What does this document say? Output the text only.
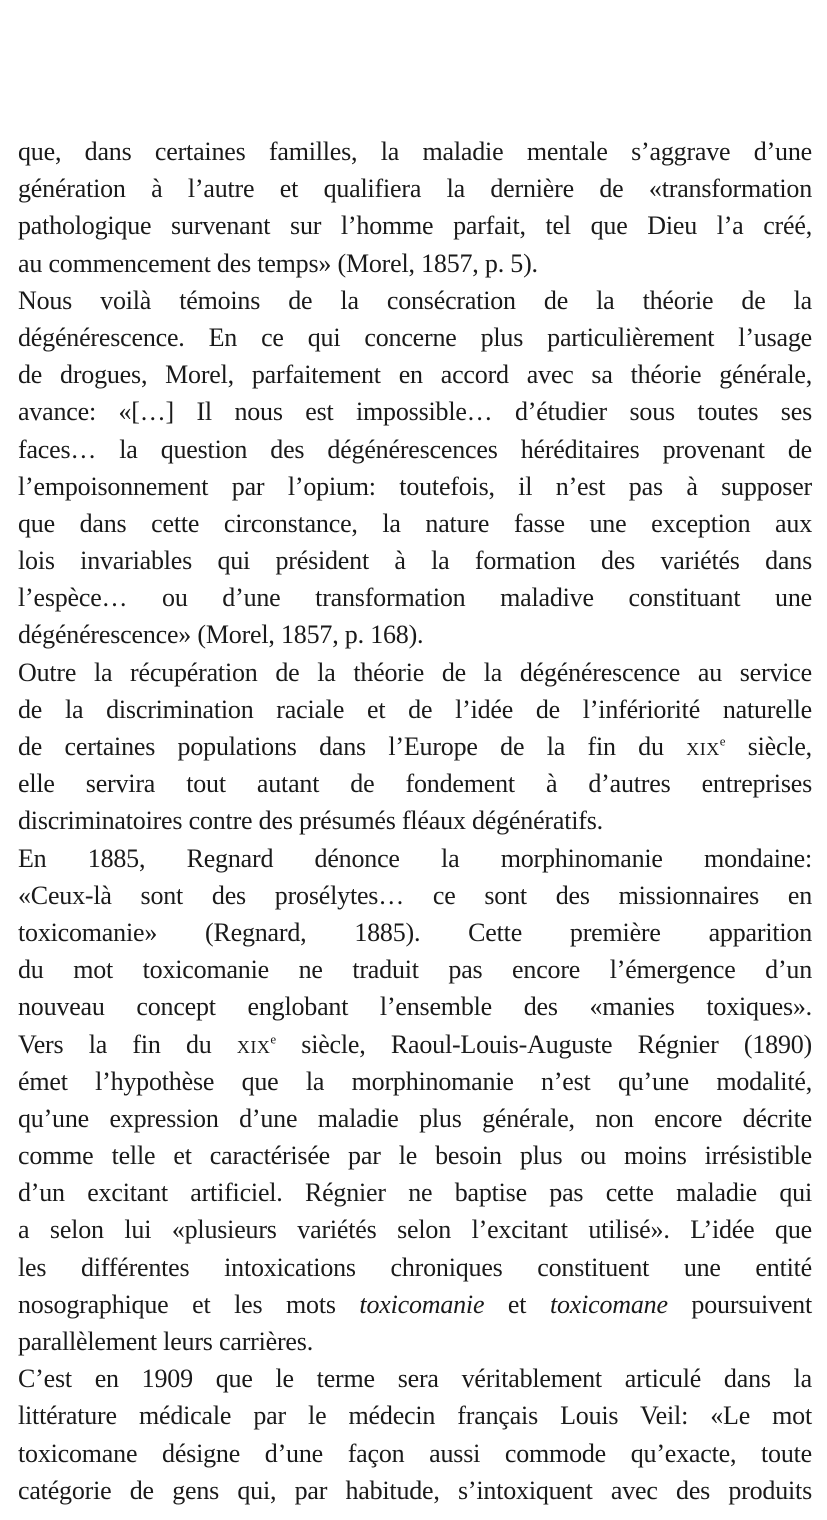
que, dans certaines familles, la maladie mentale s’aggrave d’une
génération à l’autre et qualifiera la dernière de «transformation
pathologique survenant sur l’homme parfait, tel que Dieu l’a créé,
au commencement des temps» (Morel, 1857, p. 5).
Nous voilà témoins de la consécration de la théorie de la
dégénérescence. En ce qui concerne plus particulièrement l’usage
de drogues, Morel, parfaitement en accord avec sa théorie générale,
avance: «[…] Il nous est impossible… d’étudier sous toutes ses
faces… la question des dégénérescences héréditaires provenant de
l’empoisonnement par l’opium: toutefois, il n’est pas à supposer
que dans cette circonstance, la nature fasse une exception aux
lois invariables qui président à la formation des variétés dans
l’espèce… ou d’une transformation maladive constituant une
dégénérescence» (Morel, 1857, p. 168).
Outre la récupération de la théorie de la dégénérescence au service
de la discrimination raciale et de l’idée de l’infériorité naturelle
de certaines populations dans l’Europe de la fin du xix$^e$ siècle,
elle servira tout autant de fondement à d’autres entreprises
discriminatoires contre des présumés fléaux dégénératifs.
En 1885, Regnard dénonce la morphinomanie mondaine:
«Ceux-là sont des prosélytes… ce sont des missionnaires en
toxicomanie» (Regnard, 1885). Cette première apparition
du mot toxicomanie ne traduit pas encore l’émergence d’un
nouveau concept englobant l’ensemble des «manies toxiques».
Vers la fin du xix$^e$ siècle, Raoul-Louis-Auguste Régnier (1890)
émet l’hypothèse que la morphinomanie n’est qu’une modalité,
qu’une expression d’une maladie plus générale, non encore décrite
comme telle et caractérisée par le besoin plus ou moins irrésistible
d’un excitant artificiel. Régnier ne baptise pas cette maladie qui
a selon lui «plusieurs variétés selon l’excitant utilisé». L’idée que
les différentes intoxications chroniques constituent une entité
nosographique et les mots toxicomanie et toxicomane poursuivent
parallèlement leurs carrières.
C’est en 1909 que le terme sera véritablement articulé dans la
littérature médicale par le médecin français Louis Veil: «Le mot
toxicomane désigne d’une façon aussi commode qu’exacte, toute
catégorie de gens qui, par habitude, s’intoxiquent avec des produits
